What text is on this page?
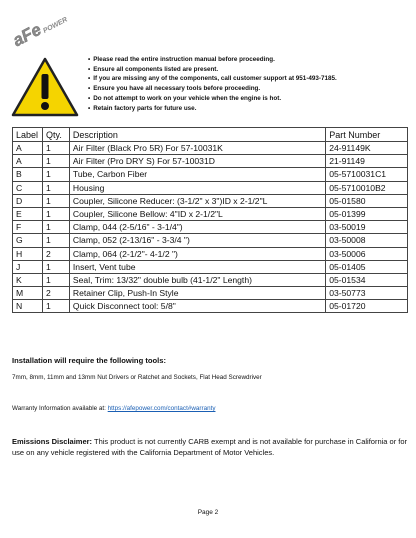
aFe
POWER
• Please read the entire instruction manual before proceeding.
• Ensure all components listed are present.
• If you are missing any of the components, call customer support at 951-493-7185.
• Ensure you have all necessary tools before proceeding.
• Do not attempt to work on your vehicle when the engine is hot.
• Retain factory parts for future use.
Label	Qty.	Description	Part Number
A	1	Air Filter (Black Pro 5R) For 57-10031K	24-91149K
A	1	Air Filter (Pro DRY S) For 57-10031D	21-91149
B	1	Tube, Carbon Fiber	05-5710031C1
C	1	Housing	05-5710010B2
D	1	Coupler, Silicone Reducer: (3-1/2" x 3")ID x 2-1/2"L	05-01580
E	1	Coupler, Silicone Bellow: 4"ID x 2-1/2"L	05-01399
F	1	Clamp, 044 (2-5/16" - 3-1/4")	03-50019
G	1	Clamp, 052 (2-13/16" - 3-3/4 ")	03-50008
H	2	Clamp, 064 (2-1/2"- 4-1/2 ")	03-50006
J	1	Insert, Vent tube	05-01405
K	1	Seal, Trim: 13/32" double bulb (41-1/2" Length)	05-01534
M	2	Retainer Clip, Push-In Style	03-50773
N	1	Quick Disconnect tool: 5/8"	05-01720
Installation will require the following tools:
7mm, 8mm, 11mm and 13mm Nut Drivers or Ratchet and Sockets, Flat Head Screwdriver
Warranty Information available at: https://afepower.com/contact#warranty
Emissions Disclaimer: This product is not currently CARB exempt and is not available for purchase in California or for use on any vehicle registered with the California Department of Motor Vehicles.
Page 2
